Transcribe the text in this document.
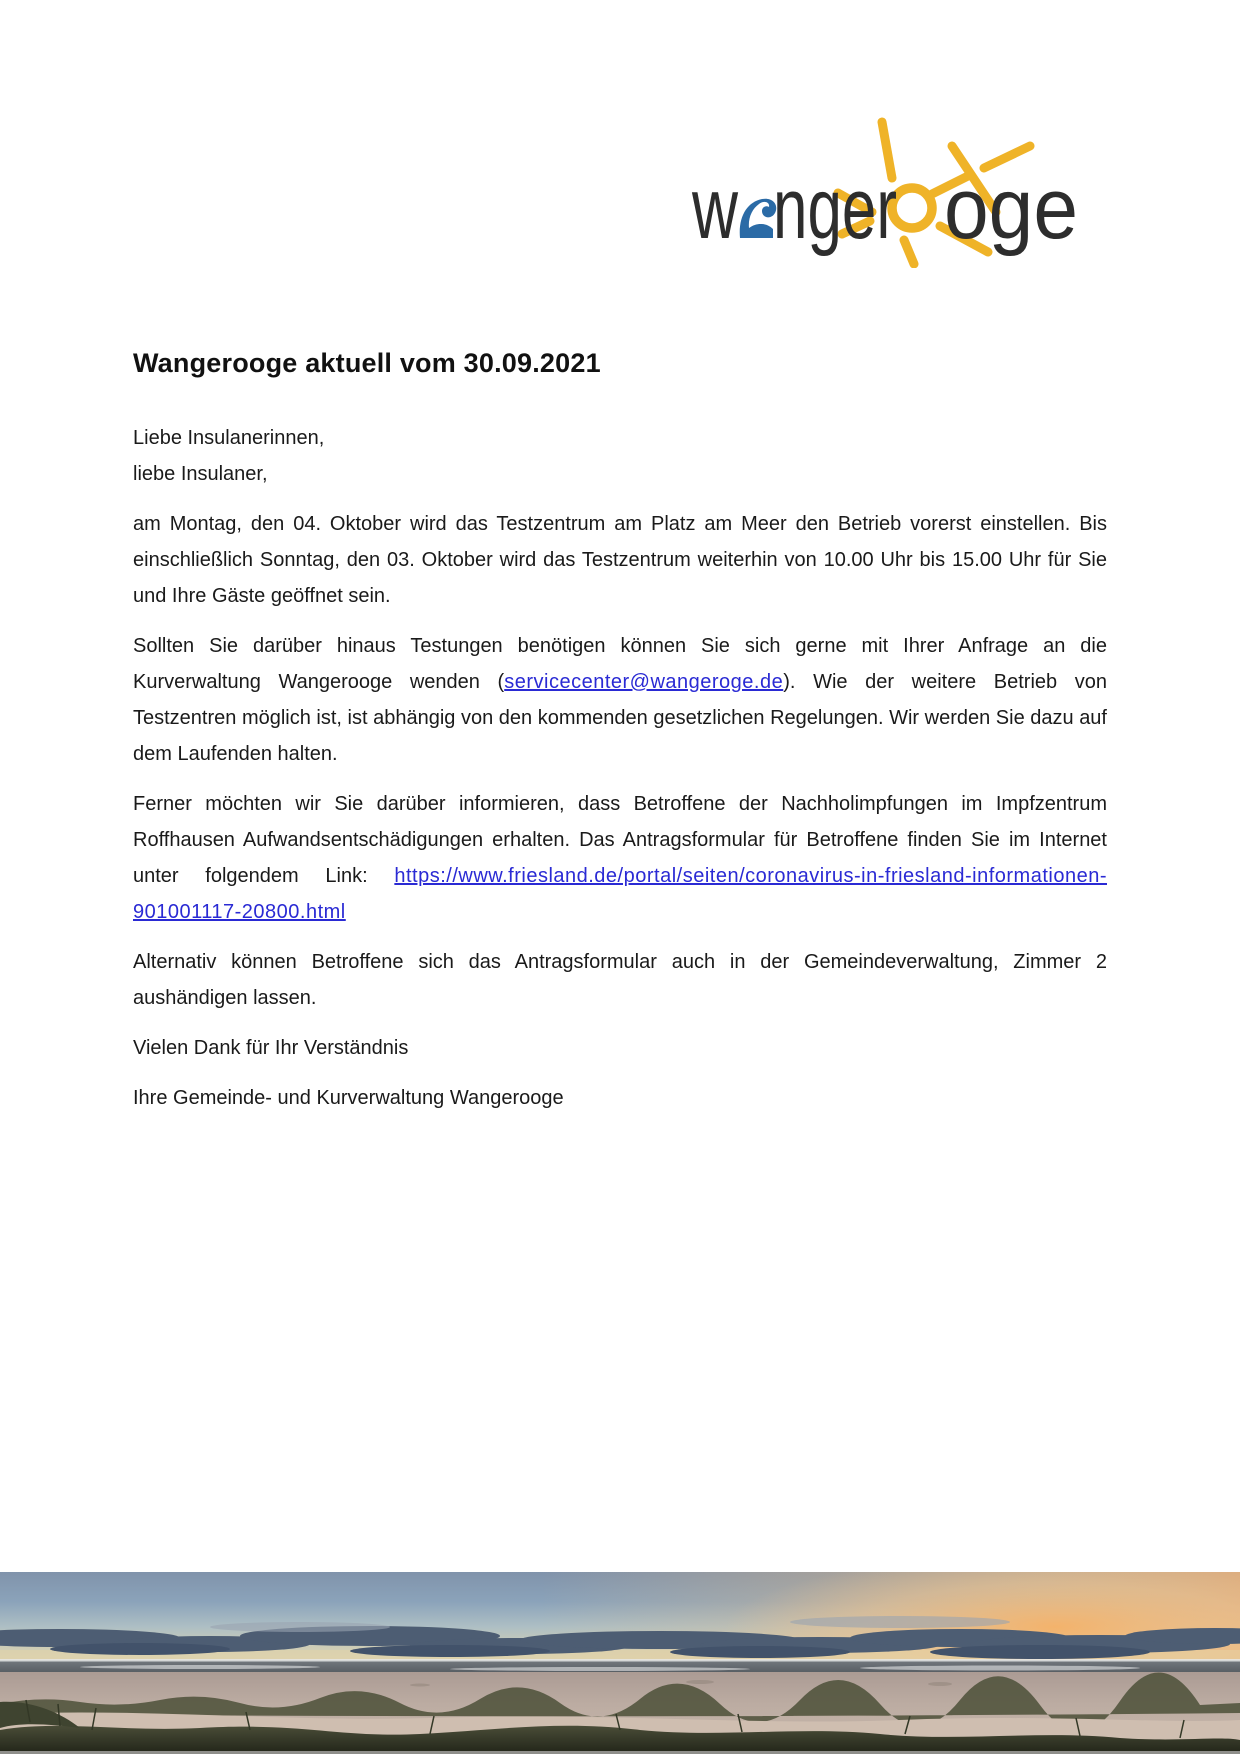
w nger oge
Wangerooge aktuell vom 30.09.2021

Liebe Insulanerinnen,
liebe Insulaner,

am Montag, den 04. Oktober wird das Testzentrum am Platz am Meer den Betrieb vorerst einstellen. Bis einschließlich Sonntag, den 03. Oktober wird das Testzentrum weiterhin von 10.00 Uhr bis 15.00 Uhr für Sie und Ihre Gäste geöffnet sein.

Sollten Sie darüber hinaus Testungen benötigen können Sie sich gerne mit Ihrer Anfrage an die Kurverwaltung Wangerooge wenden (servicecenter@wangeroge.de). Wie der weitere Betrieb von Testzentren möglich ist, ist abhängig von den kommenden gesetzlichen Regelungen. Wir werden Sie dazu auf dem Laufenden halten.

Ferner möchten wir Sie darüber informieren, dass Betroffene der Nachholimpfungen im Impfzentrum Roffhausen Aufwandsentschädigungen erhalten. Das Antragsformular für Betroffene finden Sie im Internet unter folgendem Link: https://www.friesland.de/portal/seiten/coronavirus-in-friesland-informationen-901001117-20800.html

Alternativ können Betroffene sich das Antragsformular auch in der Gemeindeverwaltung, Zimmer 2 aushändigen lassen.

Vielen Dank für Ihr Verständnis

Ihre Gemeinde- und Kurverwaltung Wangerooge
